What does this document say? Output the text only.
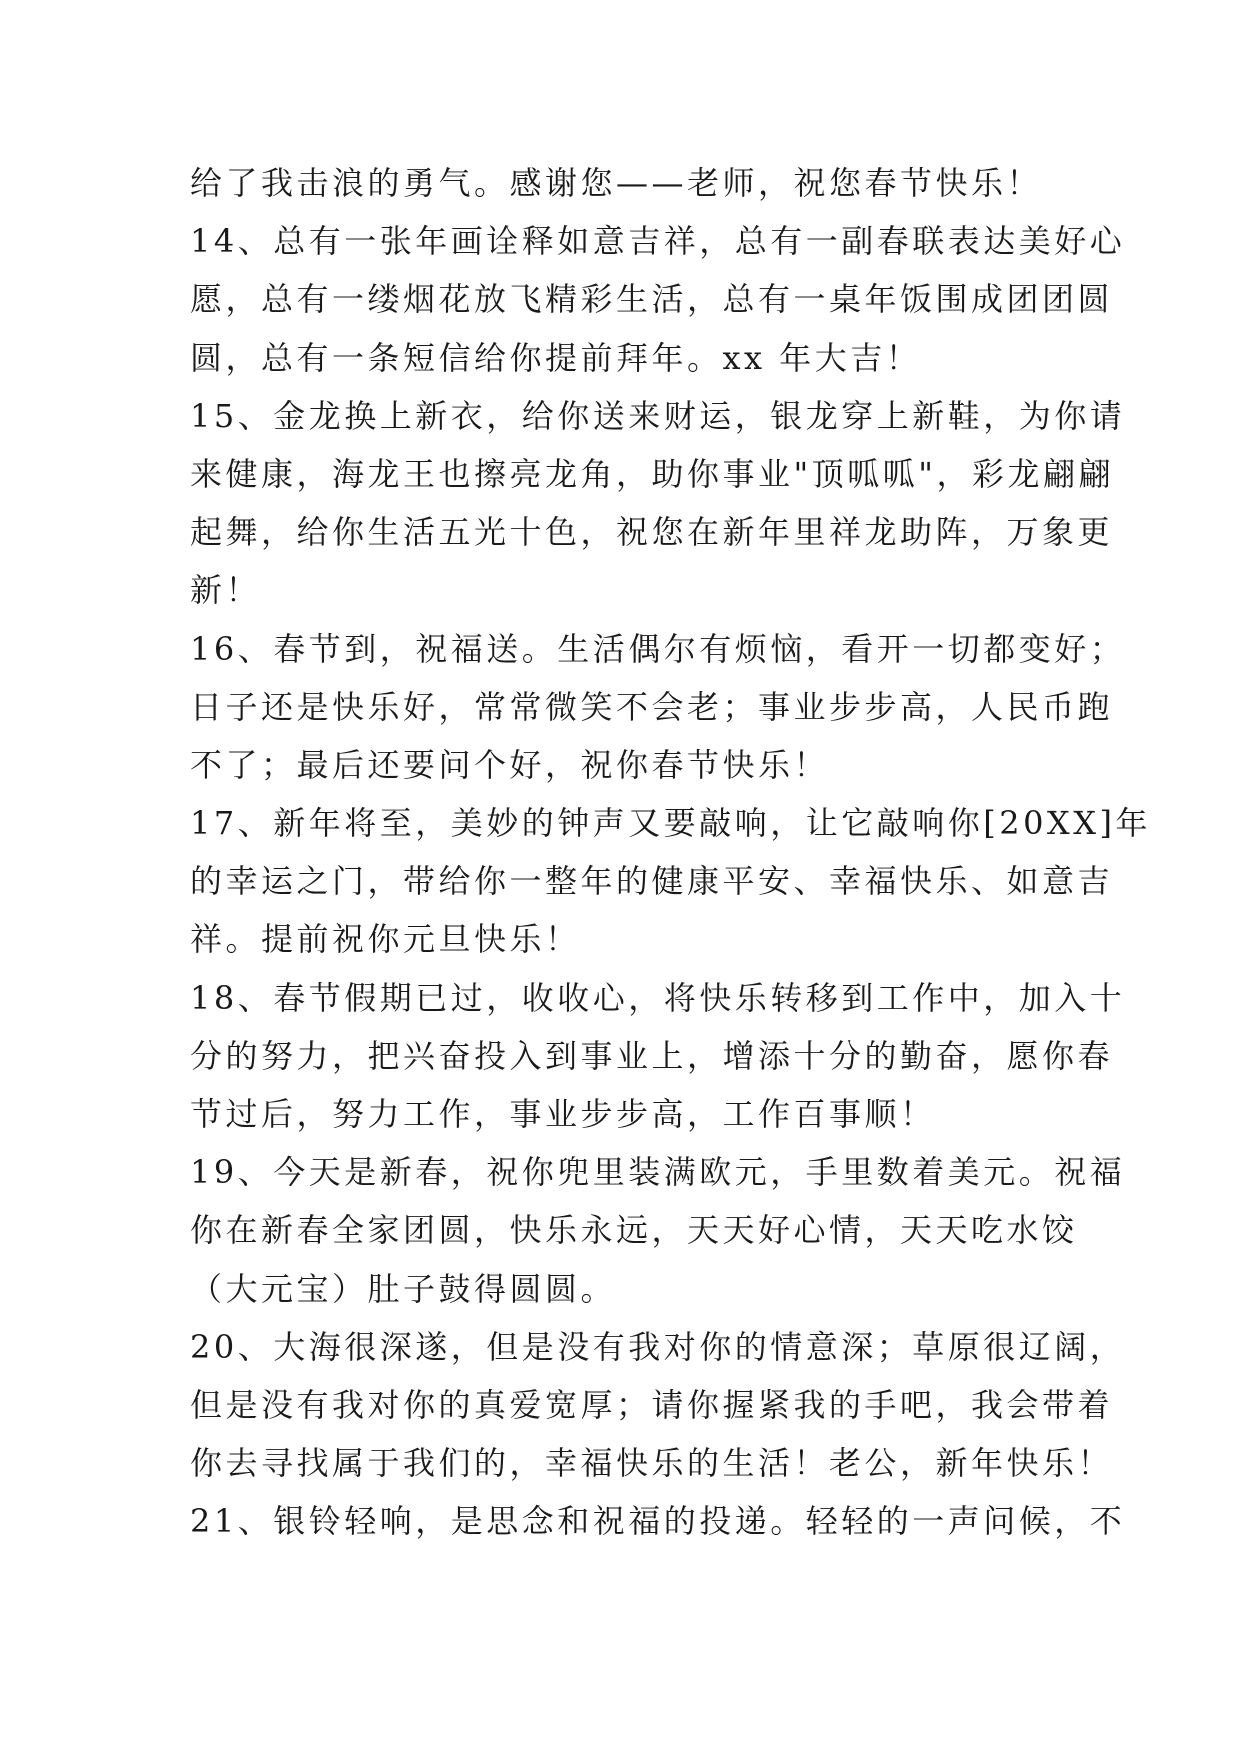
给了我击浪的勇气。感谢您——老师，祝您春节快乐！
14、总有一张年画诠释如意吉祥，总有一副春联表达美好心
愿，总有一缕烟花放飞精彩生活，总有一桌年饭围成团团圆
圆，总有一条短信给你提前拜年。xx 年大吉！
15、金龙换上新衣，给你送来财运，银龙穿上新鞋，为你请
来健康，海龙王也擦亮龙角，助你事业"顶呱呱"，彩龙翩翩
起舞，给你生活五光十色，祝您在新年里祥龙助阵，万象更
新！
16、春节到，祝福送。生活偶尔有烦恼，看开一切都变好；
日子还是快乐好，常常微笑不会老；事业步步高，人民币跑
不了；最后还要问个好，祝你春节快乐！
17、新年将至，美妙的钟声又要敲响，让它敲响你[20XX]年
的幸运之门，带给你一整年的健康平安、幸福快乐、如意吉
祥。提前祝你元旦快乐！
18、春节假期已过，收收心，将快乐转移到工作中，加入十
分的努力，把兴奋投入到事业上，增添十分的勤奋，愿你春
节过后，努力工作，事业步步高，工作百事顺！
19、今天是新春，祝你兜里装满欧元，手里数着美元。祝福
你在新春全家团圆，快乐永远，天天好心情，天天吃水饺
（大元宝）肚子鼓得圆圆。
20、大海很深遂，但是没有我对你的情意深；草原很辽阔，
但是没有我对你的真爱宽厚；请你握紧我的手吧，我会带着
你去寻找属于我们的，幸福快乐的生活！老公，新年快乐！
21、银铃轻响，是思念和祝福的投递。轻轻的一声问候，不
